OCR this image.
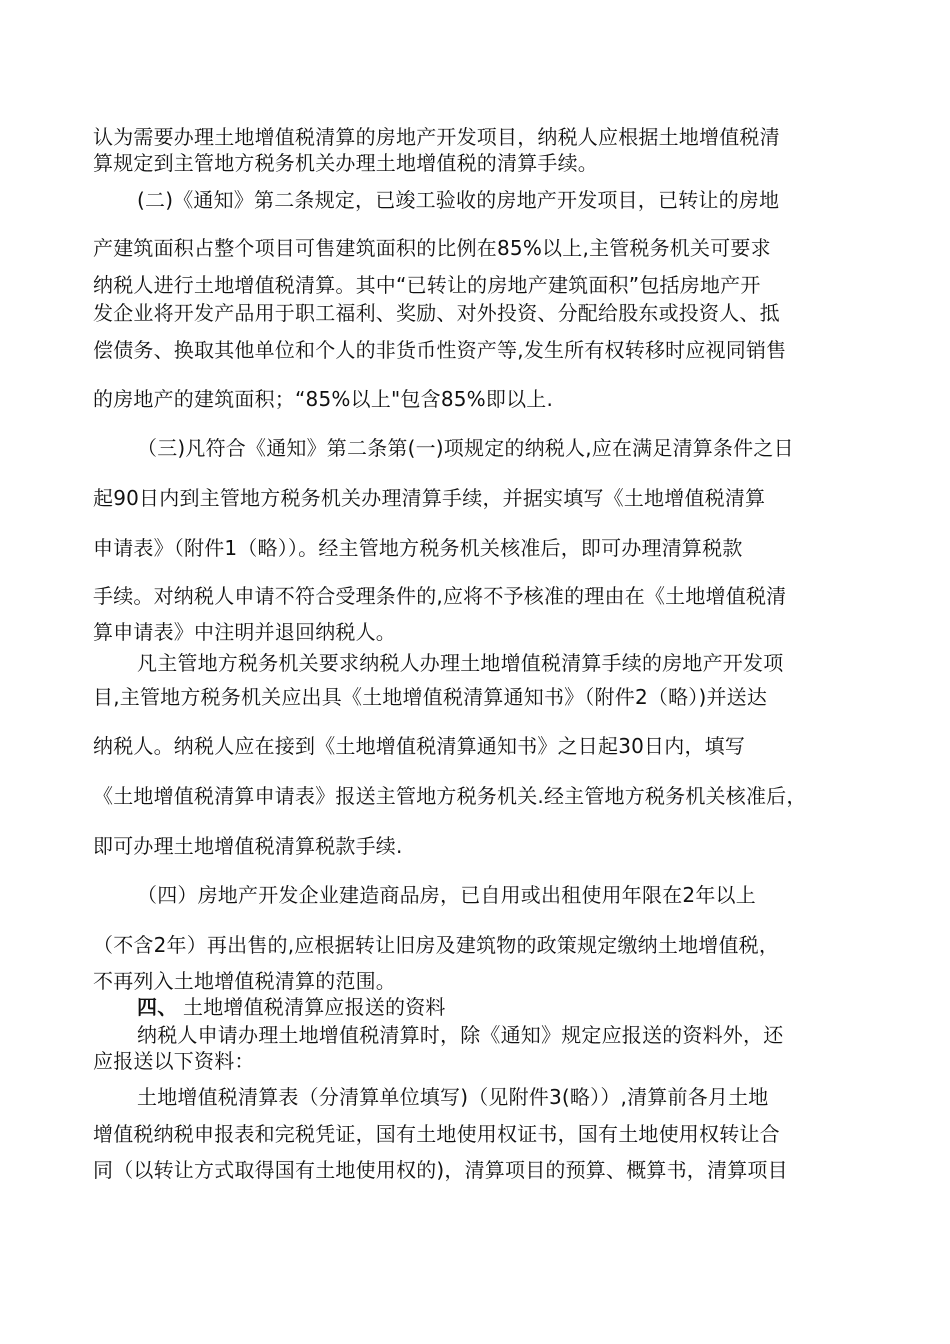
认为需要办理土地增值税清算的房地产开发项目，纳税人应根据土地增值税清
算规定到主管地方税务机关办理土地增值税的清算手续。
(二)《通知》第二条规定，已竣工验收的房地产开发项目，已转让的房地
产建筑面积占整个项目可售建筑面积的比例在85%以上,主管税务机关可要求
纳税人进行土地增值税清算。其中“已转让的房地产建筑面积”包括房地产开
发企业将开发产品用于职工福利、奖励、对外投资、分配给股东或投资人、抵
偿债务、换取其他单位和个人的非货币性资产等,发生所有权转移时应视同销售
的房地产的建筑面积；“85%以上"包含85%即以上.
（三)凡符合《通知》第二条第(一)项规定的纳税人,应在满足清算条件之日
起90日内到主管地方税务机关办理清算手续，并据实填写《土地增值税清算
申请表》（附件1（略））。经主管地方税务机关核准后，即可办理清算税款
手续。对纳税人申请不符合受理条件的,应将不予核准的理由在《土地增值税清
算申请表》中注明并退回纳税人。
凡主管地方税务机关要求纳税人办理土地增值税清算手续的房地产开发项
目,主管地方税务机关应出具《土地增值税清算通知书》（附件2（略）)并送达
纳税人。纳税人应在接到《土地增值税清算通知书》之日起30日内，填写
《土地增值税清算申请表》报送主管地方税务机关.经主管地方税务机关核准后，
即可办理土地增值税清算税款手续.
（四）房地产开发企业建造商品房，已自用或出租使用年限在2年以上
（不含2年）再出售的,应根据转让旧房及建筑物的政策规定缴纳土地增值税，
不再列入土地增值税清算的范围。
四、 土地增值税清算应报送的资料
纳税人申请办理土地增值税清算时，除《通知》规定应报送的资料外，还
应报送以下资料：
土地增值税清算表（分清算单位填写)（见附件3(略））,清算前各月土地
增值税纳税申报表和完税凭证，国有土地使用权证书，国有土地使用权转让合
同（以转让方式取得国有土地使用权的)，清算项目的预算、概算书，清算项目
